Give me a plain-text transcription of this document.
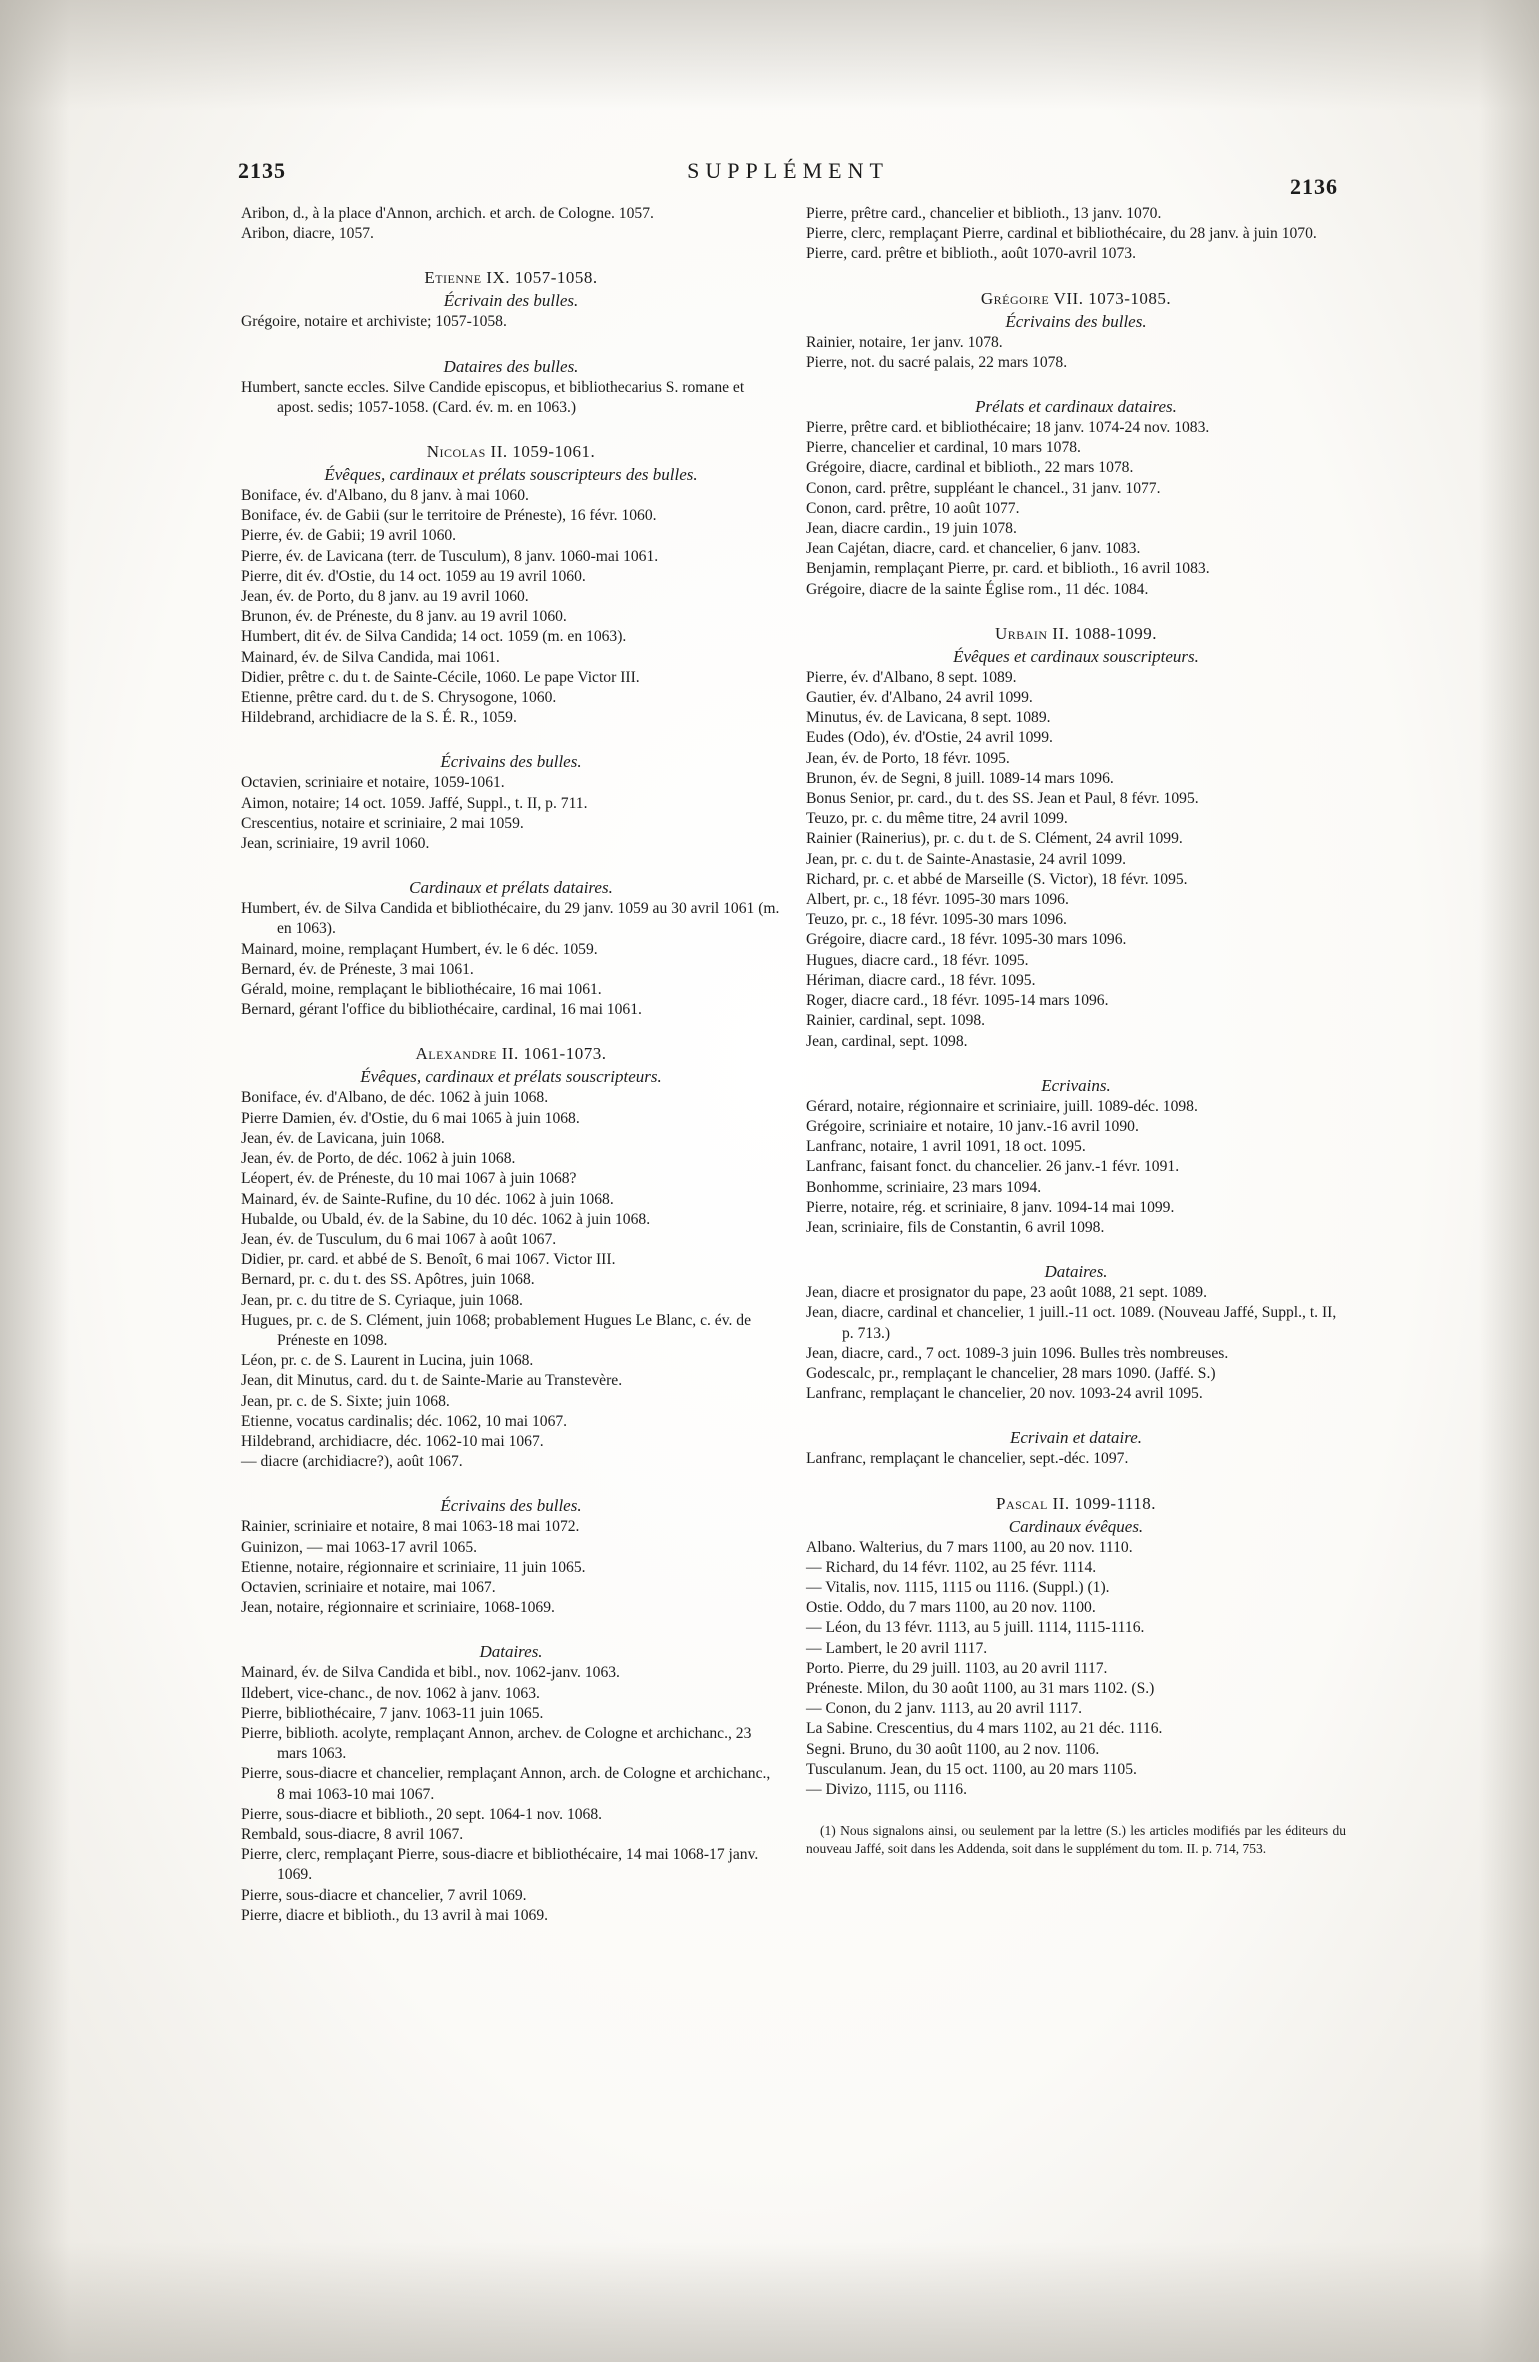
2135	SUPPLÉMENT
2136

Aribon, d., à la place d'Annon, archich. et arch. de Cologne. 1057.

Aribon, diacre, 1057.

Etienne IX. 1057-1058.

Écrivain des bulles.

Grégoire, notaire et archiviste; 1057-1058.

Dataires des bulles.

Humbert, sancte eccles. Silve Candide episcopus, et bibliothecarius S. romane et apost. sedis; 1057-1058. (Card. év. m. en 1063.)

Nicolas II. 1059-1061.

Évêques, cardinaux et prélats souscripteurs des bulles.

Boniface, év. d'Albano, du 8 janv. à mai 1060.

Boniface, év. de Gabii (sur le territoire de Préneste), 16 févr. 1060.

Pierre, év. de Gabii; 19 avril 1060.

Pierre, év. de Lavicana (terr. de Tusculum), 8 janv. 1060-mai 1061.

Pierre, dit év. d'Ostie, du 14 oct. 1059 au 19 avril 1060.

Jean, év. de Porto, du 8 janv. au 19 avril 1060.

Brunon, év. de Préneste, du 8 janv. au 19 avril 1060.

Humbert, dit év. de Silva Candida; 14 oct. 1059 (m. en 1063).

Mainard, év. de Silva Candida, mai 1061.

Didier, prêtre c. du t. de Sainte-Cécile, 1060. Le pape Victor III.

Etienne, prêtre card. du t. de S. Chrysogone, 1060.

Hildebrand, archidiacre de la S. É. R., 1059.

Écrivains des bulles.

Octavien, scriniaire et notaire, 1059-1061.

Aimon, notaire; 14 oct. 1059. Jaffé, Suppl., t. II, p. 711.

Crescentius, notaire et scriniaire, 2 mai 1059.

Jean, scriniaire, 19 avril 1060.

Cardinaux et prélats dataires.

Humbert, év. de Silva Candida et bibliothécaire, du 29 janv. 1059 au 30 avril 1061 (m. en 1063).

Mainard, moine, remplaçant Humbert, év. le 6 déc. 1059.

Bernard, év. de Préneste, 3 mai 1061.

Gérald, moine, remplaçant le bibliothécaire, 16 mai 1061.

Bernard, gérant l'office du bibliothécaire, cardinal, 16 mai 1061.

Alexandre II. 1061-1073.

Évêques, cardinaux et prélats souscripteurs.

Boniface, év. d'Albano, de déc. 1062 à juin 1068.

Pierre Damien, év. d'Ostie, du 6 mai 1065 à juin 1068.

Jean, év. de Lavicana, juin 1068.

Jean, év. de Porto, de déc. 1062 à juin 1068.

Léopert, év. de Préneste, du 10 mai 1067 à juin 1068?

Mainard, év. de Sainte-Rufine, du 10 déc. 1062 à juin 1068.

Hubalde, ou Ubald, év. de la Sabine, du 10 déc. 1062 à juin 1068.

Jean, év. de Tusculum, du 6 mai 1067 à août 1067.

Didier, pr. card. et abbé de S. Benoît, 6 mai 1067. Victor III.

Bernard, pr. c. du t. des SS. Apôtres, juin 1068.

Jean, pr. c. du titre de S. Cyriaque, juin 1068.

Hugues, pr. c. de S. Clément, juin 1068; probablement Hugues Le Blanc, c. év. de Préneste en 1098.

Léon, pr. c. de S. Laurent in Lucina, juin 1068.

Jean, dit Minutus, card. du t. de Sainte-Marie au Transtevère.

Jean, pr. c. de S. Sixte; juin 1068.

Etienne, vocatus cardinalis; déc. 1062, 10 mai 1067.

Hildebrand, archidiacre, déc. 1062-10 mai 1067.

— diacre (archidiacre?), août 1067.

Écrivains des bulles.

Rainier, scriniaire et notaire, 8 mai 1063-18 mai 1072.

Guinizon, — mai 1063-17 avril 1065.

Etienne, notaire, régionnaire et scriniaire, 11 juin 1065.

Octavien, scriniaire et notaire, mai 1067.

Jean, notaire, régionnaire et scriniaire, 1068-1069.

Dataires.

Mainard, év. de Silva Candida et bibl., nov. 1062-janv. 1063.

Ildebert, vice-chanc., de nov. 1062 à janv. 1063.

Pierre, bibliothécaire, 7 janv. 1063-11 juin 1065.

Pierre, biblioth. acolyte, remplaçant Annon, archev. de Cologne et archichanc., 23 mars 1063.

Pierre, sous-diacre et chancelier, remplaçant Annon, arch. de Cologne et archichanc., 8 mai 1063-10 mai 1067.

Pierre, sous-diacre et biblioth., 20 sept. 1064-1 nov. 1068.

Rembald, sous-diacre, 8 avril 1067.

Pierre, clerc, remplaçant Pierre, sous-diacre et bibliothécaire, 14 mai 1068-17 janv. 1069.

Pierre, sous-diacre et chancelier, 7 avril 1069.

Pierre, diacre et biblioth., du 13 avril à mai 1069.

Pierre, prêtre card., chancelier et biblioth., 13 janv. 1070.

Pierre, clerc, remplaçant Pierre, cardinal et bibliothécaire, du 28 janv. à juin 1070.

Pierre, card. prêtre et biblioth., août 1070-avril 1073.

Grégoire VII. 1073-1085.

Écrivains des bulles.

Rainier, notaire, 1er janv. 1078.

Pierre, not. du sacré palais, 22 mars 1078.

Prélats et cardinaux dataires.

Pierre, prêtre card. et bibliothécaire; 18 janv. 1074-24 nov. 1083.

Pierre, chancelier et cardinal, 10 mars 1078.

Grégoire, diacre, cardinal et biblioth., 22 mars 1078.

Conon, card. prêtre, suppléant le chancel., 31 janv. 1077.

Conon, card. prêtre, 10 août 1077.

Jean, diacre cardin., 19 juin 1078.

Jean Cajétan, diacre, card. et chancelier, 6 janv. 1083.

Benjamin, remplaçant Pierre, pr. card. et biblioth., 16 avril 1083.

Grégoire, diacre de la sainte Église rom., 11 déc. 1084.

Urbain II. 1088-1099.

Évêques et cardinaux souscripteurs.

Pierre, év. d'Albano, 8 sept. 1089.

Gautier, év. d'Albano, 24 avril 1099.

Minutus, év. de Lavicana, 8 sept. 1089.

Eudes (Odo), év. d'Ostie, 24 avril 1099.

Jean, év. de Porto, 18 févr. 1095.

Brunon, év. de Segni, 8 juill. 1089-14 mars 1096.

Bonus Senior, pr. card., du t. des SS. Jean et Paul, 8 févr. 1095.

Teuzo, pr. c. du même titre, 24 avril 1099.

Rainier (Rainerius), pr. c. du t. de S. Clément, 24 avril 1099.

Jean, pr. c. du t. de Sainte-Anastasie, 24 avril 1099.

Richard, pr. c. et abbé de Marseille (S. Victor), 18 févr. 1095.

Albert, pr. c., 18 févr. 1095-30 mars 1096.

Teuzo, pr. c., 18 févr. 1095-30 mars 1096.

Grégoire, diacre card., 18 févr. 1095-30 mars 1096.

Hugues, diacre card., 18 févr. 1095.

Hériman, diacre card., 18 févr. 1095.

Roger, diacre card., 18 févr. 1095-14 mars 1096.

Rainier, cardinal, sept. 1098.

Jean, cardinal, sept. 1098.

Ecrivains.

Gérard, notaire, régionnaire et scriniaire, juill. 1089-déc. 1098.

Grégoire, scriniaire et notaire, 10 janv.-16 avril 1090.

Lanfranc, notaire, 1 avril 1091, 18 oct. 1095.

Lanfranc, faisant fonct. du chancelier. 26 janv.-1 févr. 1091.

Bonhomme, scriniaire, 23 mars 1094.

Pierre, notaire, rég. et scriniaire, 8 janv. 1094-14 mai 1099.

Jean, scriniaire, fils de Constantin, 6 avril 1098.

Dataires.

Jean, diacre et prosignator du pape, 23 août 1088, 21 sept. 1089.

Jean, diacre, cardinal et chancelier, 1 juill.-11 oct. 1089. (Nouveau Jaffé, Suppl., t. II, p. 713.)

Jean, diacre, card., 7 oct. 1089-3 juin 1096. Bulles très nombreuses.

Godescalc, pr., remplaçant le chancelier, 28 mars 1090. (Jaffé. S.)

Lanfranc, remplaçant le chancelier, 20 nov. 1093-24 avril 1095.

Ecrivain et dataire.

Lanfranc, remplaçant le chancelier, sept.-déc. 1097.

Pascal II. 1099-1118.

Cardinaux évêques.

Albano. Walterius, du 7 mars 1100, au 20 nov. 1110.

— Richard, du 14 févr. 1102, au 25 févr. 1114.

— Vitalis, nov. 1115, 1115 ou 1116. (Suppl.) (1).

Ostie. Oddo, du 7 mars 1100, au 20 nov. 1100.

— Léon, du 13 févr. 1113, au 5 juill. 1114, 1115-1116.

— Lambert, le 20 avril 1117.

Porto. Pierre, du 29 juill. 1103, au 20 avril 1117.

Préneste. Milon, du 30 août 1100, au 31 mars 1102. (S.)

— Conon, du 2 janv. 1113, au 20 avril 1117.

La Sabine. Crescentius, du 4 mars 1102, au 21 déc. 1116.

Segni. Bruno, du 30 août 1100, au 2 nov. 1106.

Tusculanum. Jean, du 15 oct. 1100, au 20 mars 1105.

— Divizo, 1115, ou 1116.

(1) Nous signalons ainsi, ou seulement par la lettre (S.) les articles modifiés par les éditeurs du nouveau Jaffé, soit dans les Addenda, soit dans le supplément du tom. II. p. 714, 753.
